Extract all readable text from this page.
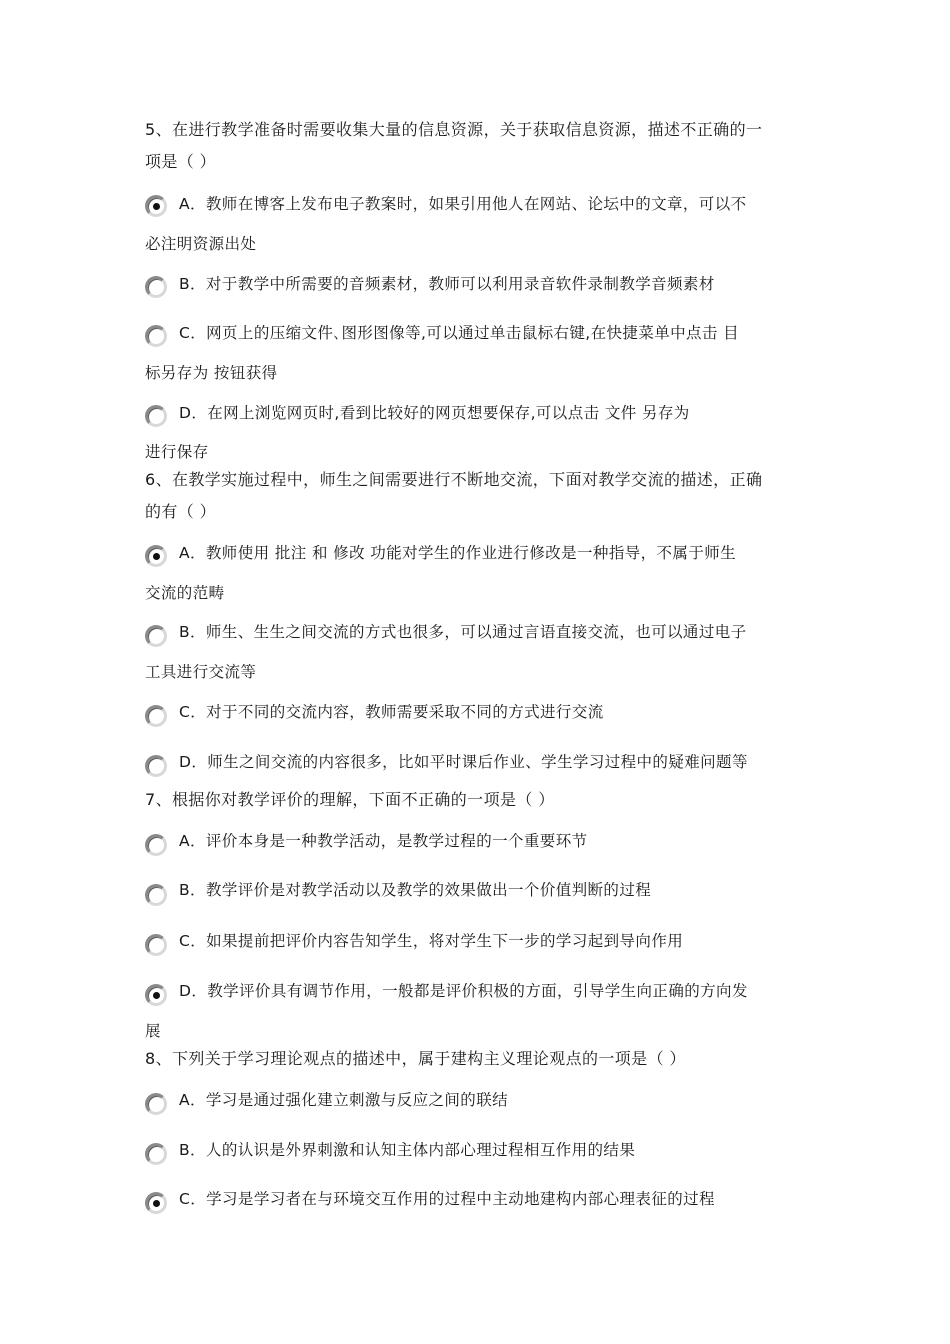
5、在进行教学准备时需要收集大量的信息资源，关于获取信息资源，描述不正确的一
项是（ ）
A．教师在博客上发布电子教案时，如果引用他人在网站、论坛中的文章，可以不
必注明资源出处
B．对于教学中所需要的音频素材，教师可以利用录音软件录制教学音频素材
C．网页上的压缩文件､图形图像等,可以通过单击鼠标右键,在快捷菜单中点击 目
标另存为 按钮获得
D．在网上浏览网页时,看到比较好的网页想要保存,可以点击 文件 另存为
进行保存
6、在教学实施过程中，师生之间需要进行不断地交流，下面对教学交流的描述，正确
的有（ ）
A．教师使用 批注 和 修改 功能对学生的作业进行修改是一种指导，不属于师生
交流的范畴
B．师生、生生之间交流的方式也很多，可以通过言语直接交流，也可以通过电子
工具进行交流等
C．对于不同的交流内容，教师需要采取不同的方式进行交流
D．师生之间交流的内容很多，比如平时课后作业、学生学习过程中的疑难问题等
7、根据你对教学评价的理解，下面不正确的一项是（ ）
A．评价本身是一种教学活动，是教学过程的一个重要环节
B．教学评价是对教学活动以及教学的效果做出一个价值判断的过程
C．如果提前把评价内容告知学生，将对学生下一步的学习起到导向作用
D．教学评价具有调节作用，一般都是评价积极的方面，引导学生向正确的方向发
展
8、下列关于学习理论观点的描述中，属于建构主义理论观点的一项是（ ）
A．学习是通过强化建立刺激与反应之间的联结
B．人的认识是外界刺激和认知主体内部心理过程相互作用的结果
C．学习是学习者在与环境交互作用的过程中主动地建构内部心理表征的过程
